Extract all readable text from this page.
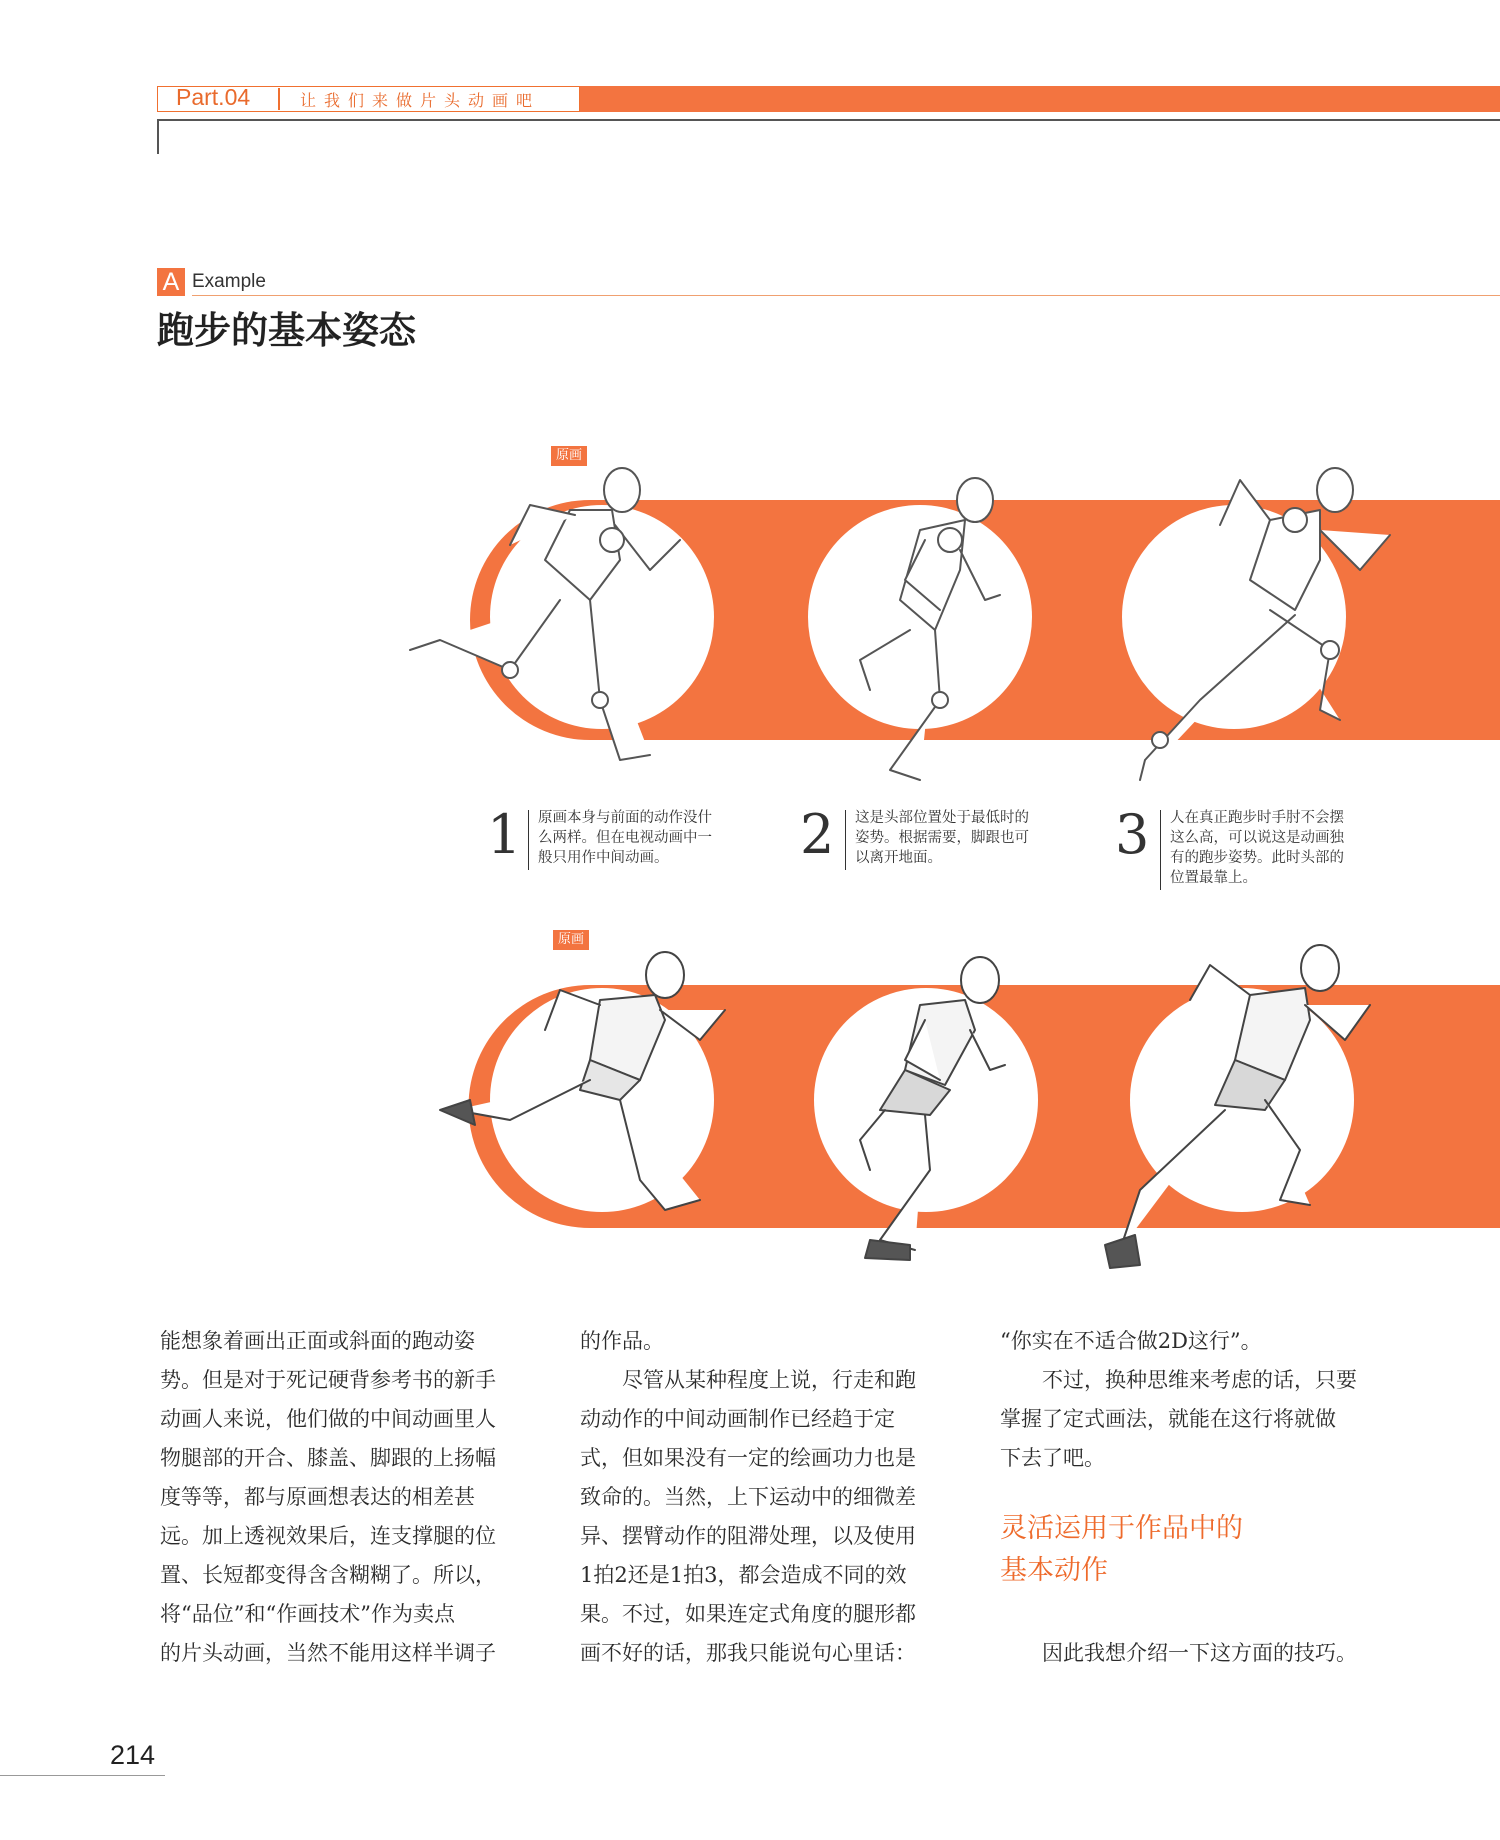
Part.04	让我们来做片头动画吧
A Example
跑步的基本姿态
原画
原画
1 原画本身与前面的动作没什
么两样。但在电视动画中一
般只用作中间动画。	2 这是头部位置处于最低时的
姿势。根据需要，脚跟也可
以离开地面。	3 人在真正跑步时手肘不会摆
这么高，可以说这是动画独
有的跑步姿势。此时头部的
位置最靠上。

能想象着画出正面或斜面的跑动姿

势。但是对于死记硬背参考书的新手

动画人来说，他们做的中间动画里人

物腿部的开合、膝盖、脚跟的上扬幅

度等等，都与原画想表达的相差甚

远。加上透视效果后，连支撑腿的位

置、长短都变得含含糊糊了。所以，

将“品位”和“作画技术”作为卖点

的片头动画，当然不能用这样半调子

的作品。

尽管从某种程度上说，行走和跑

动动作的中间动画制作已经趋于定

式，但如果没有一定的绘画功力也是

致命的。当然，上下运动中的细微差

异、摆臂动作的阻滞处理，以及使用

1拍2还是1拍3，都会造成不同的效

果。不过，如果连定式角度的腿形都

画不好的话，那我只能说句心里话：

“你实在不适合做2D这行”。

不过，换种思维来考虑的话，只要

掌握了定式画法，就能在这行将就做

下去了吧。

灵活运用于作品中的
基本动作

因此我想介绍一下这方面的技巧。

214
